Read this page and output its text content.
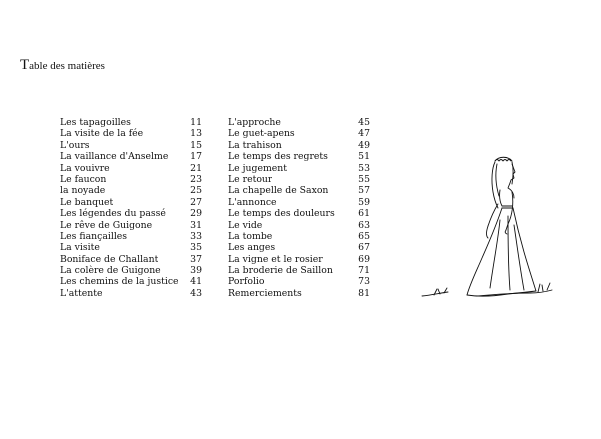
Table des matières
Les tapagoilles	11
La visite de la fée	13
L'ours	15
La vaillance d'Anselme	17
La vouivre	21
Le faucon	23
la noyade	25
Le banquet	27
Les légendes du passé	29
Le rêve de Guigone	31
Les fiançailles	33
La visite	35
Boniface de Challant	37
La colère de Guigone	39
Les chemins de la justice	41
L'attente	43
L'approche	45
Le guet-apens	47
La trahison	49
Le temps des regrets	51
Le jugement	53
Le retour	55
La chapelle de Saxon	57
L'annonce	59
Le temps des douleurs	61
Le vide	63
La tombe	65
Les anges	67
La vigne et le rosier	69
La broderie de Saillon	71
Porfolio	73
Remerciements	81
